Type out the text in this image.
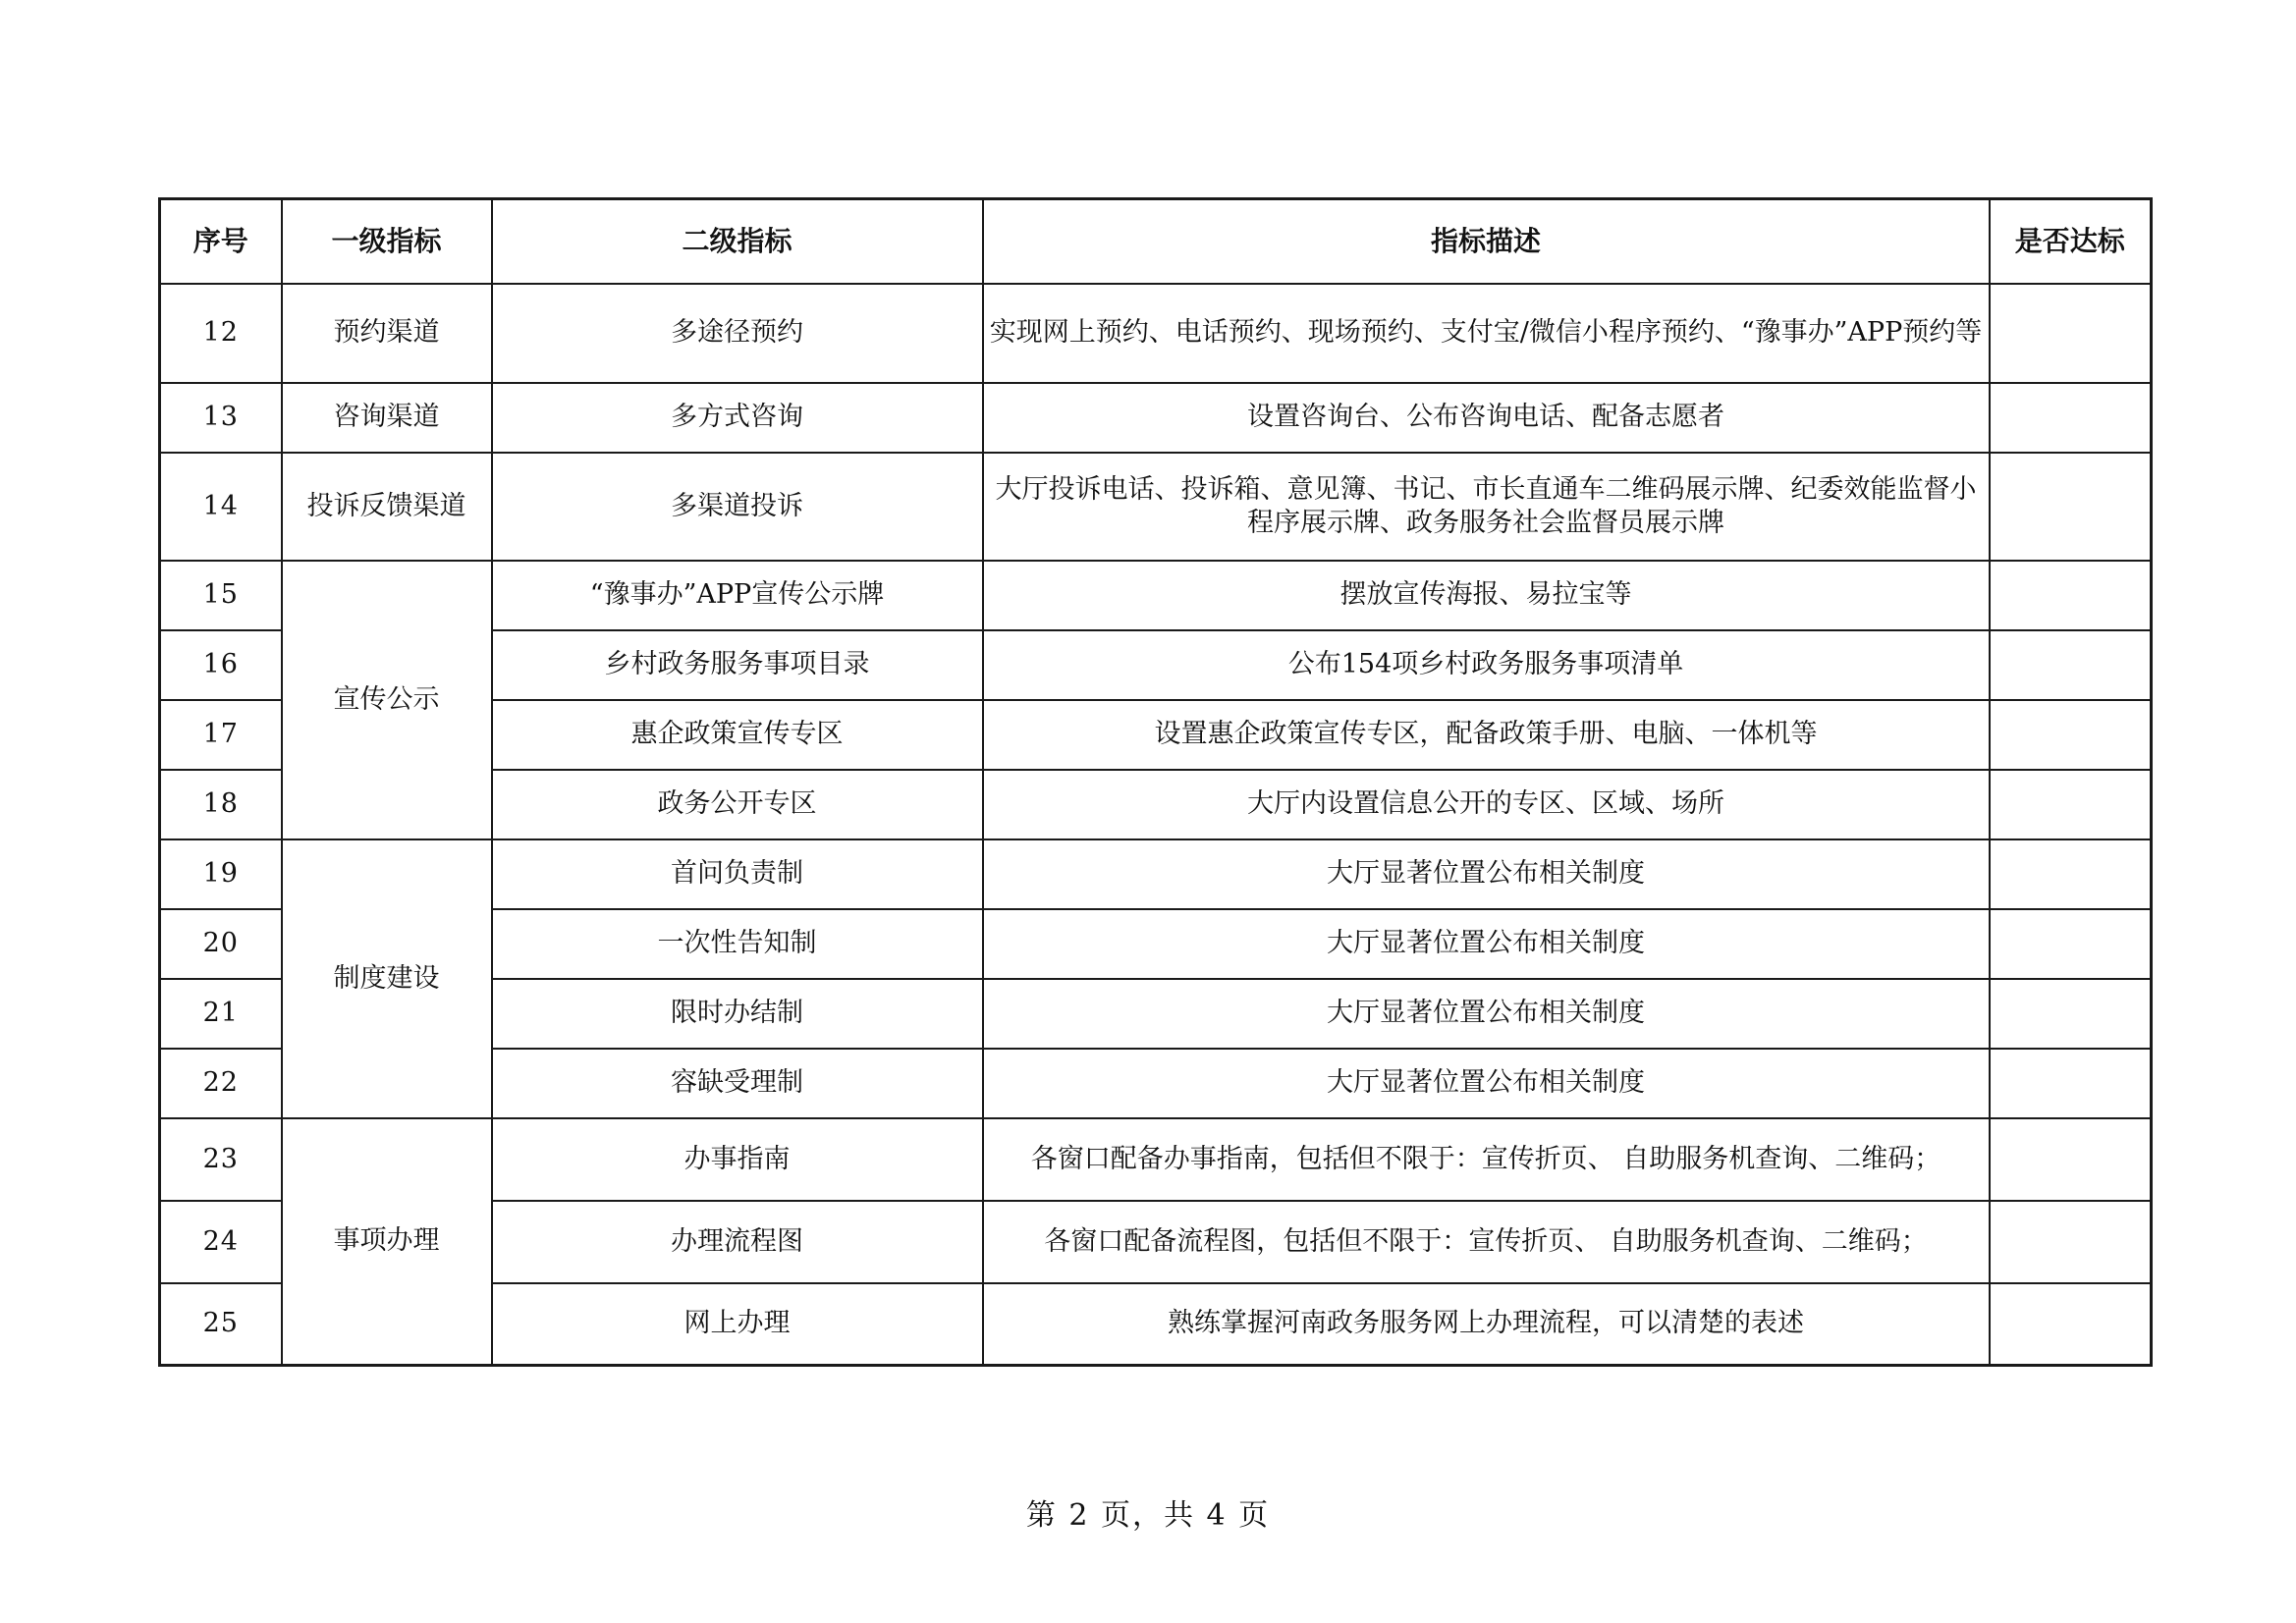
序号	一级指标	二级指标	指标描述	是否达标
12	预约渠道	多途径预约	实现网上预约、电话预约、现场预约、支付宝/微信小程序预约、“豫事办”APP预约等	
13	咨询渠道	多方式咨询	设置咨询台、公布咨询电话、配备志愿者	
14	投诉反馈渠道	多渠道投诉	大厅投诉电话、投诉箱、意见簿、书记、市长直通车二维码展示牌、纪委效能监督小程序展示牌、政务服务社会监督员展示牌	
15	宣传公示	“豫事办”APP宣传公示牌	摆放宣传海报、易拉宝等	
16		乡村政务服务事项目录	公布154项乡村政务服务事项清单	
17		惠企政策宣传专区	设置惠企政策宣传专区，配备政策手册、电脑、一体机等	
18		政务公开专区	大厅内设置信息公开的专区、区域、场所	
19	制度建设	首问负责制	大厅显著位置公布相关制度	
20		一次性告知制	大厅显著位置公布相关制度	
21		限时办结制	大厅显著位置公布相关制度	
22		容缺受理制	大厅显著位置公布相关制度	
23	事项办理	办事指南	各窗口配备办事指南，包括但不限于：宣传折页、 自助服务机查询、二维码；	
24		办理流程图	各窗口配备流程图，包括但不限于：宣传折页、 自助服务机查询、二维码；	
25		网上办理	熟练掌握河南政务服务网上办理流程，可以清楚的表述	
第 2 页，共 4 页
